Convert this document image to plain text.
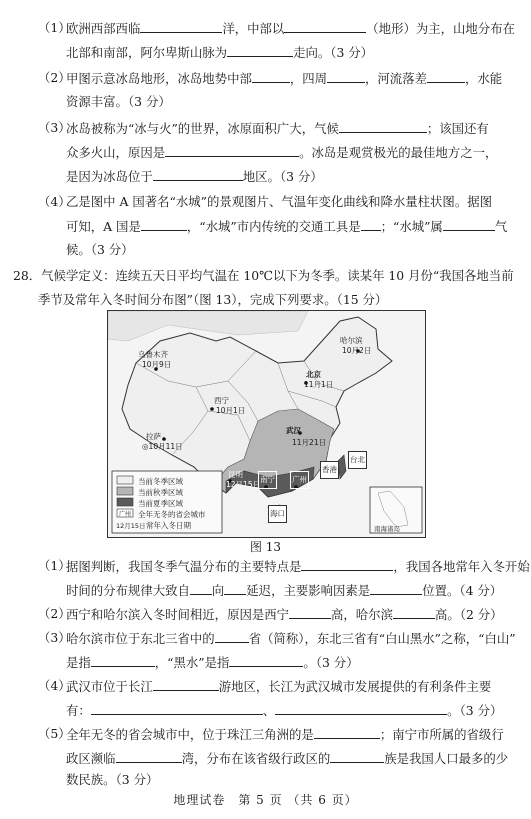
（1）
欧洲西部西临	洋，中部以	（地形）为主，山地分布在
北部和南部，阿尔卑斯山脉为	走向。（3 分）
（2）
甲图示意冰岛地形，冰岛地势中部	，四周	，河流落差	，水能
资源丰富。（3 分）
（3）
冰岛被称为“冰与火”的世界，冰原面积广大，气候	；该国还有
众多火山，原因是	。冰岛是观赏极光的最佳地方之一，
是因为冰岛位于	地区。（3 分）
（4）
乙是图中 A 国著名“水城”的景观图片、气温年变化曲线和降水量柱状图。据图
可知，A 国是	，“水城”市内传统的交通工具是 ；“水城”属	气
候。（3 分）
28．气候学定义：连续五天日平均气温在 10℃以下为冬季。读某年 10 月份“我国各地当前
季节及常年入冬时间分布图”（图 13），完成下列要求。（15 分）
乌鲁木齐
10月9日
哈尔滨
10月2日
北京
11月1日
西宁
10月1日
拉萨
◎10月11日
武汉
11月21日
昆明
12月15日
南宁 广州
海口
台北
香港
南海诸岛
当前冬季区域
当前秋季区域
当前夏季区域
广州 全年无冬的省会城市
12月15日 常年入冬日期
图 13
（1）
据图判断，我国冬季气温分布的主要特点是	，我国各地常年入冬开始
时间的分布规律大致自 向 延迟，主要影响因素是	位置。（4 分）
（2）
西宁和哈尔滨入冬时间相近，原因是西宁	高，哈尔滨	高。（2 分）
（3）
哈尔滨市位于东北三省中的	省（简称），东北三省有“白山黑水”之称，“白山”
是指	，“黑水”是指	。（3 分）
（4）
武汉市位于长江	游地区，长江为武汉城市发展提供的有利条件主要
有：	、	。（3 分）
（5）
全年无冬的省会城市中，位于珠江三角洲的是	；南宁市所属的省级行
政区濒临	湾，分布在该省级行政区的	族是我国人口最多的少
数民族。（3 分）
地理试卷　第 5 页 （共 6 页）
